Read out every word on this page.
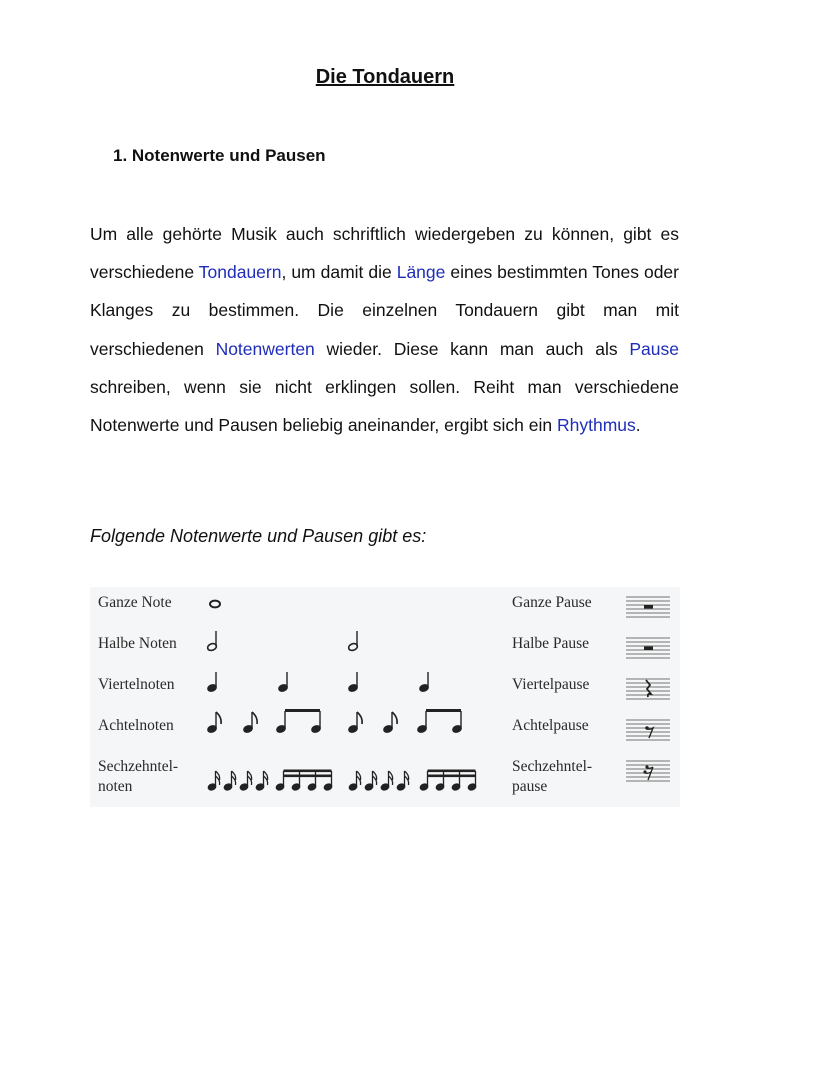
Die Tondauern
1. Notenwerte und Pausen

Um alle gehörte Musik auch schriftlich wiedergeben zu können, gibt es verschiedene Tondauern, um damit die Länge eines bestimmten Tones oder Klanges zu bestimmen. Die einzelnen Tondauern gibt man mit verschiedenen Notenwerten wieder. Diese kann man auch als Pause schreiben, wenn sie nicht erklingen sollen. Reiht man verschiedene Notenwerte und Pausen beliebig aneinander, ergibt sich ein Rhythmus.

Folgende Notenwerte und Pausen gibt es:
Ganze Note
Halbe Noten
Viertelnoten
Achtelnoten
Sechzehntel-
noten
Ganze Pause
Halbe Pause
Viertelpause
Achtelpause
Sechzehntel-
pause
